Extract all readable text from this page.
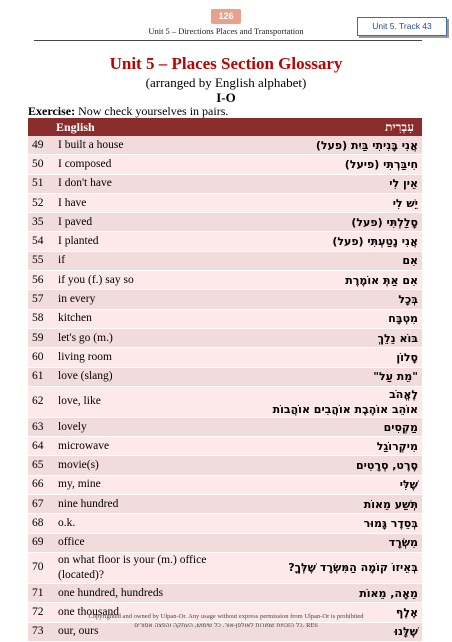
126
Unit 5. Track 43
Unit 5 – Directions Places and Transportation
Unit 5 – Places Section Glossary
(arranged by English alphabet)
I-O
Exercise: Now check yourselves in pairs.
English		עִבְרִית
49	I built a house	אֲנִי בָּנִיתִי בַּיִת (פעל)

50	I composed	חִיבַּרְתִּי (פיעל)

51	I don't have	אֵין לִי

52	I have	יֵשׁ לִי

35	I paved	סָלַלְתִּי (פעל)

54	I planted	אֲנִי נָטַעְתִּי (פעל)

55	if	אִם

56	if you (f.) say so	אִם אַתְּ אוֹמֶרֶת

57	in every	בְּכָל

58	kitchen	מִטְבָּח

59	let's go (m.)	בּוֹא נֵלֵךְ

60	living room	סָלוֹן

61	love (slang)	"מֵת עַל"

62	love, like	לֶאֱהֹב
אוֹהֵב אוֹהֶבֶת אוֹהֲבִים אוֹהֲבוֹת

63	lovely	מַקְסִים

64	microwave	מִיקְרוֹגַל

65	movie(s)	סֶרֶט, סְרָטִים

66	my, mine	שֶׁלִּי

67	nine hundred	תְּשַׁע מֵאוֹת

68	o.k.	בְּסֵדֶר גָּמוּר

69	office	מִשְׂרָד

70	on what floor is your (m.) office
(located)?	בְּאֵיזוֹ קוֹמָה הַמִּשְׂרָד שֶׁלְּךָ?

71	one hundred, hundreds	מֵאָה, מֵאוֹת

72	one thousand	אֶלֶף

73	our, ours	שֶׁלָּנוּ
Copyrighted and owned by Ulpan-Or. Any usage without express permission from Ulpan-Or is prohibited
כל הזכויות שמורות לאולפן-אור. כל שימוש, העתקה והפצה אסורים. RE6
